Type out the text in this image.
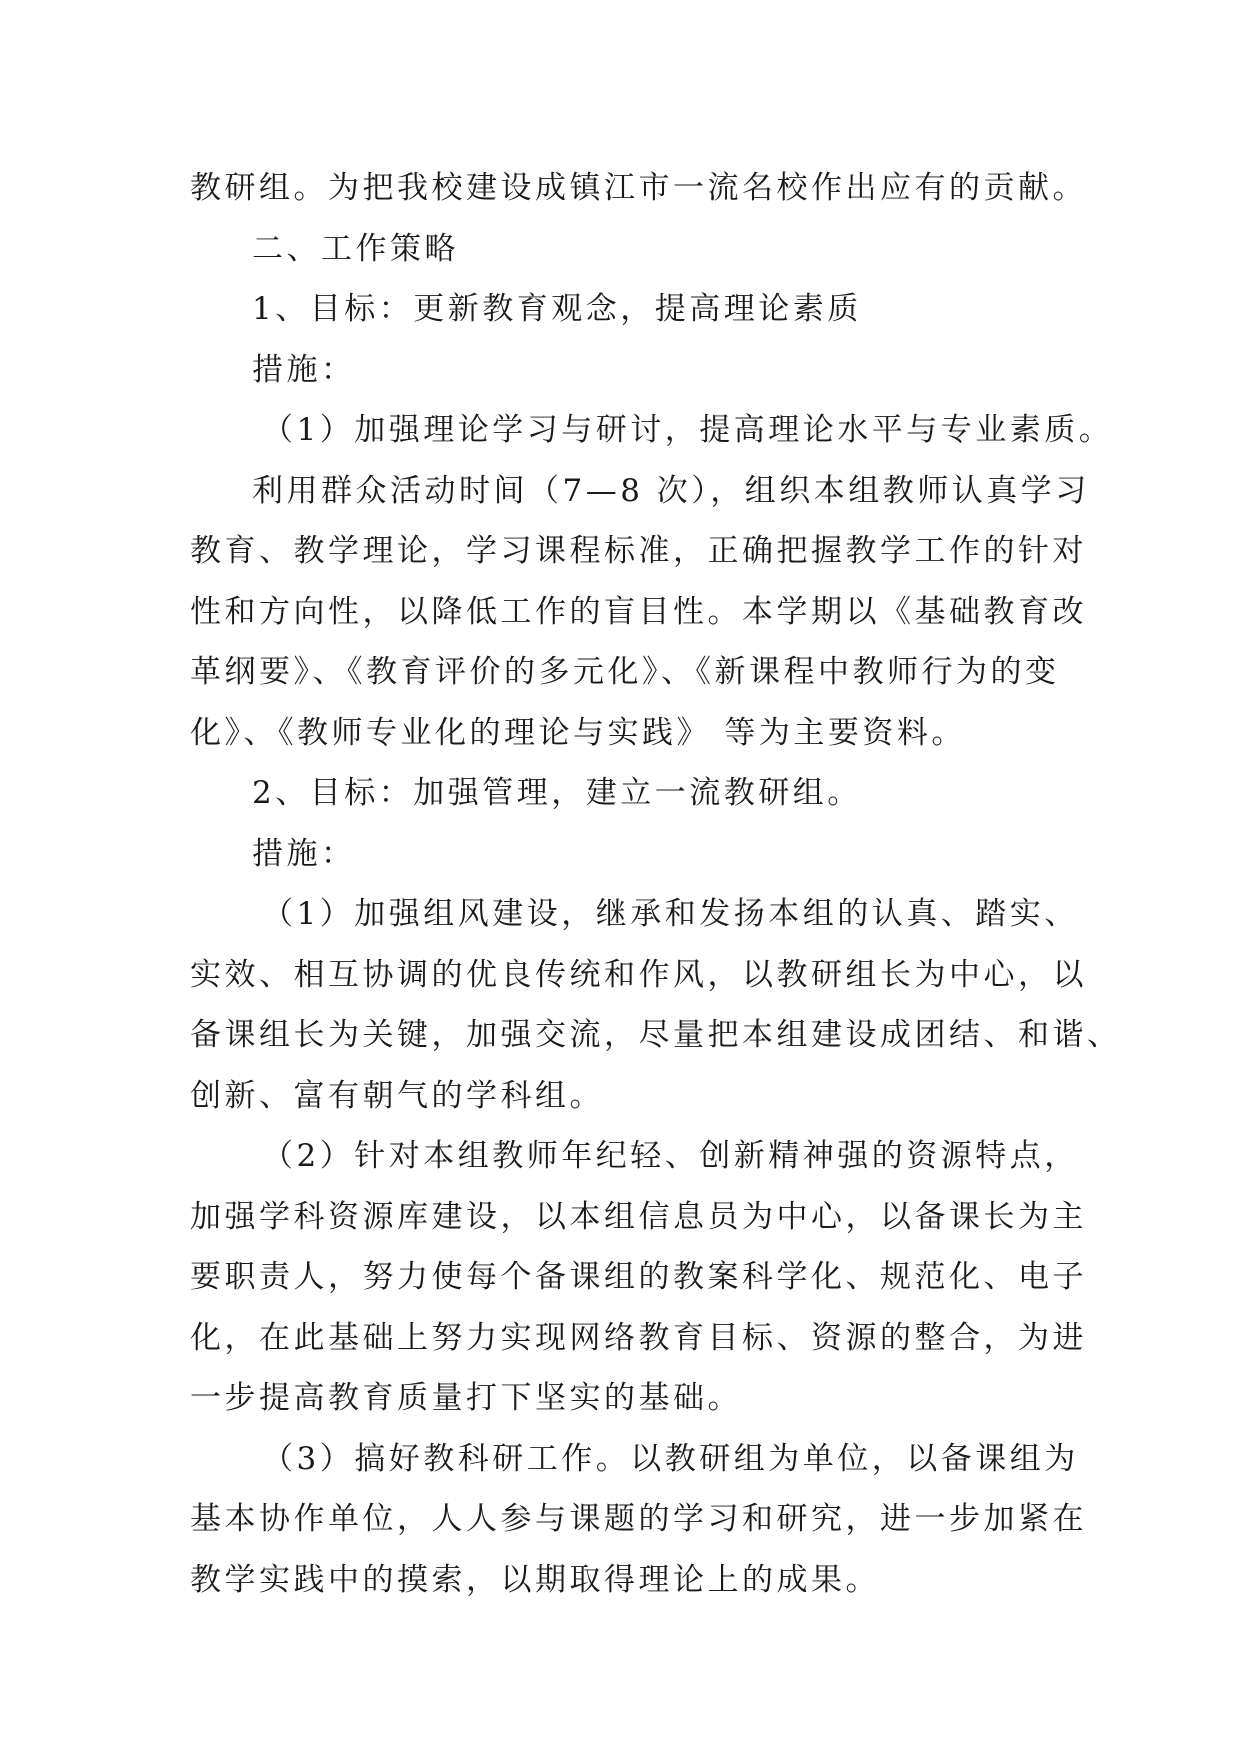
教研组。为把我校建设成镇江市一流名校作出应有的贡献。
二、工作策略
1、目标：更新教育观念，提高理论素质
措施：
（1）加强理论学习与研讨，提高理论水平与专业素质。
利用群众活动时间（7—8 次），组织本组教师认真学习
教育、教学理论，学习课程标准，正确把握教学工作的针对
性和方向性，以降低工作的盲目性。本学期以《基础教育改
革纲要》、《教育评价的多元化》、《新课程中教师行为的变
化》、《教师专业化的理论与实践》 等为主要资料。
2、目标：加强管理，建立一流教研组。
措施：
（1）加强组风建设，继承和发扬本组的认真、踏实、
实效、相互协调的优良传统和作风，以教研组长为中心，以
备课组长为关键，加强交流，尽量把本组建设成团结、和谐、
创新、富有朝气的学科组。
（2）针对本组教师年纪轻、创新精神强的资源特点，
加强学科资源库建设，以本组信息员为中心，以备课长为主
要职责人，努力使每个备课组的教案科学化、规范化、电子
化，在此基础上努力实现网络教育目标、资源的整合，为进
一步提高教育质量打下坚实的基础。
（3）搞好教科研工作。以教研组为单位，以备课组为
基本协作单位，人人参与课题的学习和研究，进一步加紧在
教学实践中的摸索，以期取得理论上的成果。
